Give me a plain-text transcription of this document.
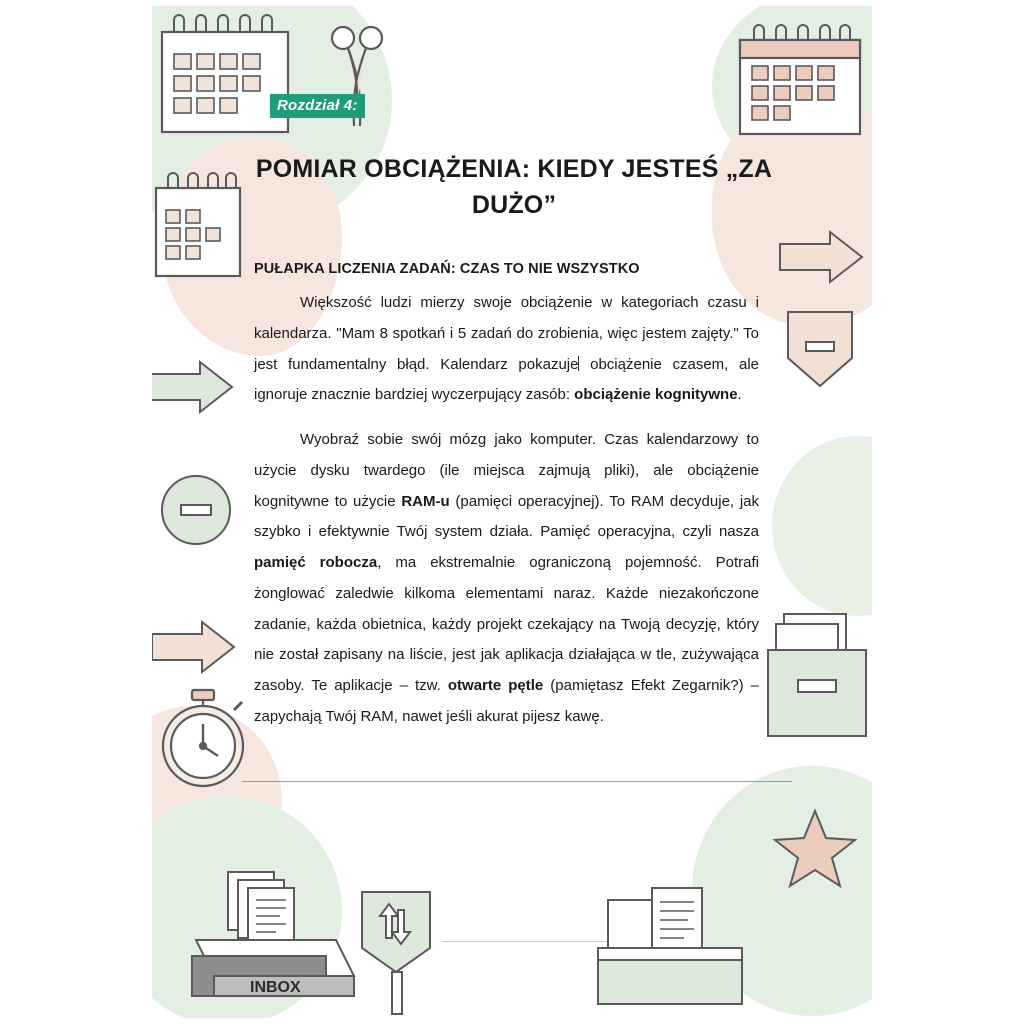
INBOX
Rozdział 4:
POMIAR OBCIĄŻENIA: KIEDY JESTEŚ „ZA DUŻO”
PUŁAPKA LICZENIA ZADAŃ: CZAS TO NIE WSZYSTKO

Większość ludzi mierzy swoje obciążenie w kategoriach czasu i kalendarza. "Mam 8 spotkań i 5 zadań do zrobienia, więc jestem zajęty." To jest fundamentalny błąd. Kalendarz pokazuje obciążenie czasem, ale ignoruje znacznie bardziej wyczerpujący zasób: obciążenie kognitywne.

Wyobraź sobie swój mózg jako komputer. Czas kalendarzowy to użycie dysku twardego (ile miejsca zajmują pliki), ale obciążenie kognitywne to użycie RAM-u (pamięci operacyjnej). To RAM decyduje, jak szybko i efektywnie Twój system działa. Pamięć operacyjna, czyli nasza pamięć robocza, ma ekstremalnie ograniczoną pojemność. Potrafi żonglować zaledwie kilkoma elementami naraz. Każde niezakończone zadanie, każda obietnica, każdy projekt czekający na Twoją decyzję, który nie został zapisany na liście, jest jak aplikacja działająca w tle, zużywająca zasoby. Te aplikacje – tzw. otwarte pętle (pamiętasz Efekt Zegarnik?) – zapychają Twój RAM, nawet jeśli akurat pijesz kawę.
